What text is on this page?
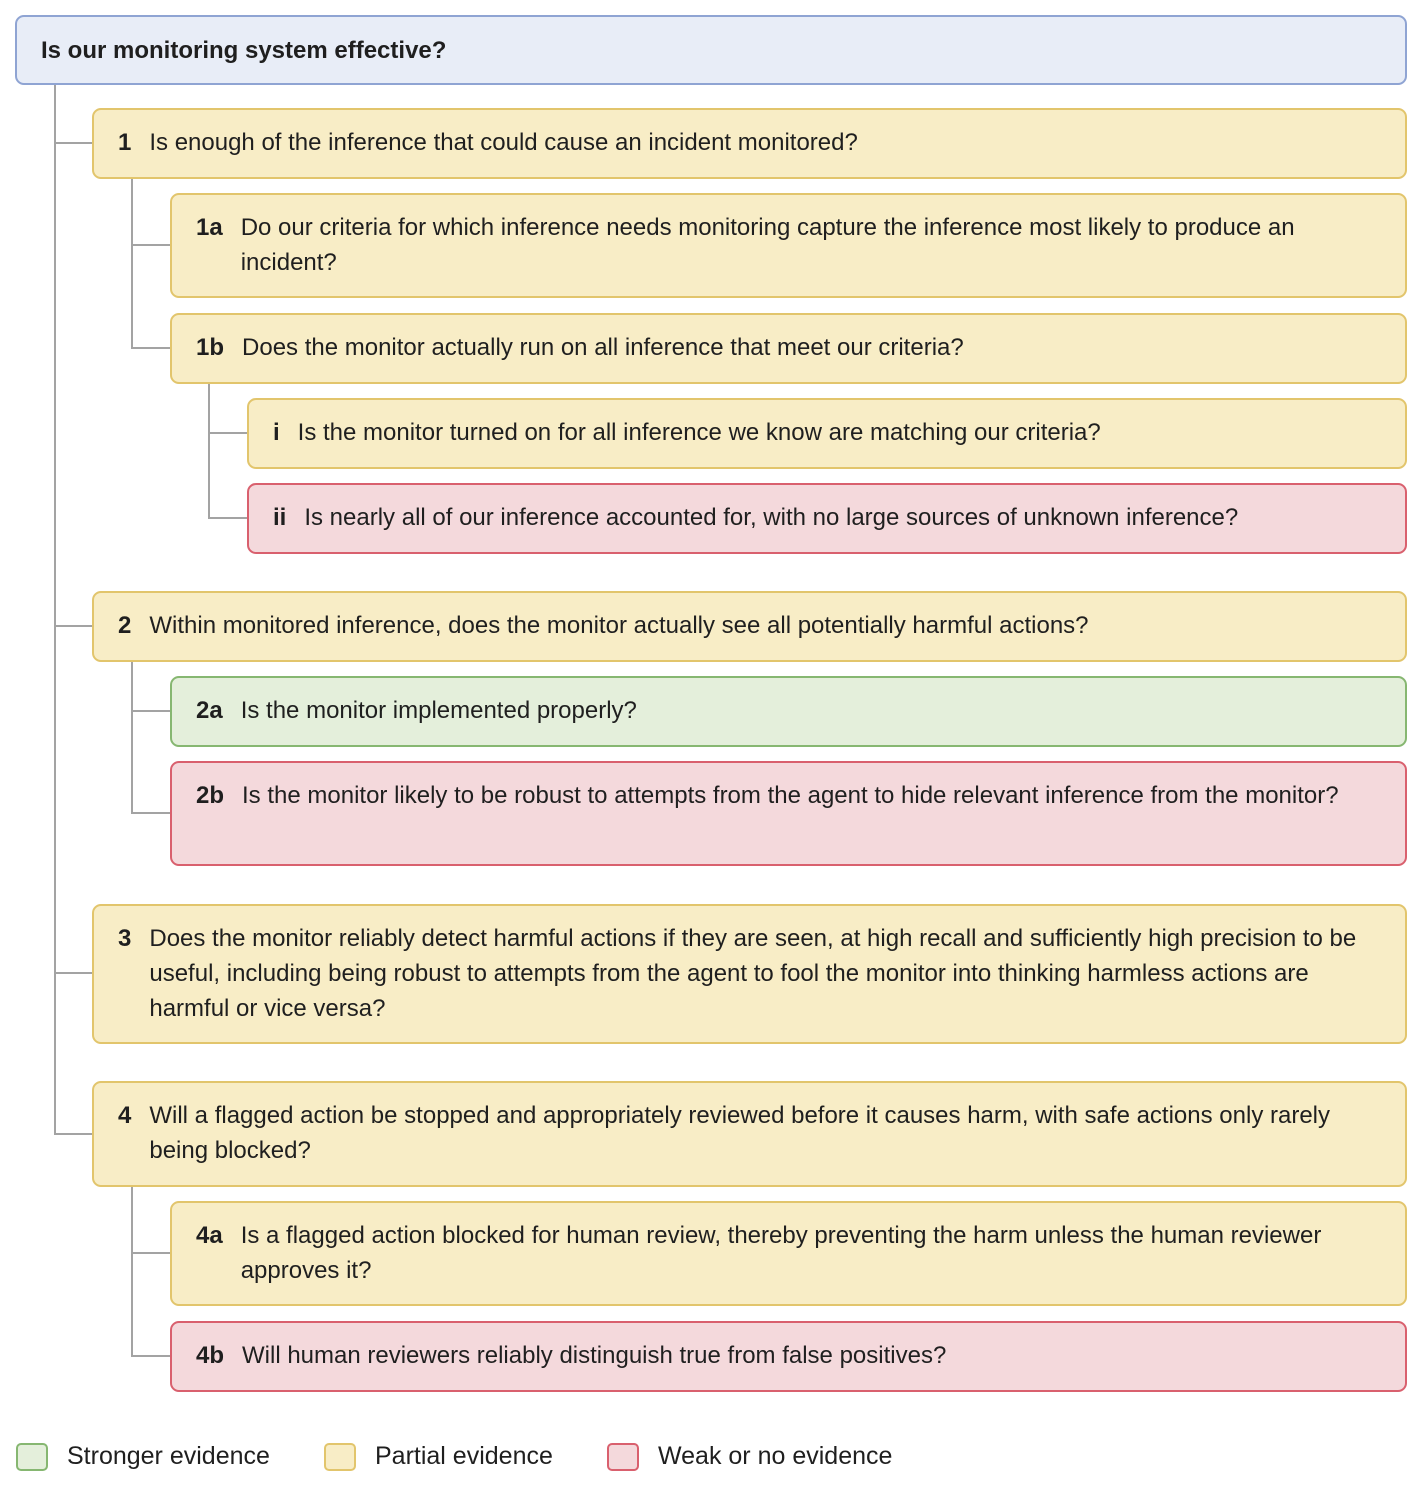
Is our monitoring system effective?
1 Is enough of the inference that could cause an incident monitored?
1a Do our criteria for which inference needs monitoring capture the inference most likely to produce an incident?
1b Does the monitor actually run on all inference that meet our criteria?
i Is the monitor turned on for all inference we know are matching our criteria?
ii Is nearly all of our inference accounted for, with no large sources of unknown inference?
2 Within monitored inference, does the monitor actually see all potentially harmful actions?
2a Is the monitor implemented properly?
2b Is the monitor likely to be robust to attempts from the agent to hide relevant inference from the monitor?
3 Does the monitor reliably detect harmful actions if they are seen, at high recall and sufficiently high precision to be useful, including being robust to attempts from the agent to fool the monitor into thinking harmless actions are harmful or vice versa?
4 Will a flagged action be stopped and appropriately reviewed before it causes harm, with safe actions only rarely being blocked?
4a Is a flagged action blocked for human review, thereby preventing the harm unless the human reviewer approves it?
4b Will human reviewers reliably distinguish true from false positives?
Stronger evidence	Partial evidence	Weak or no evidence
